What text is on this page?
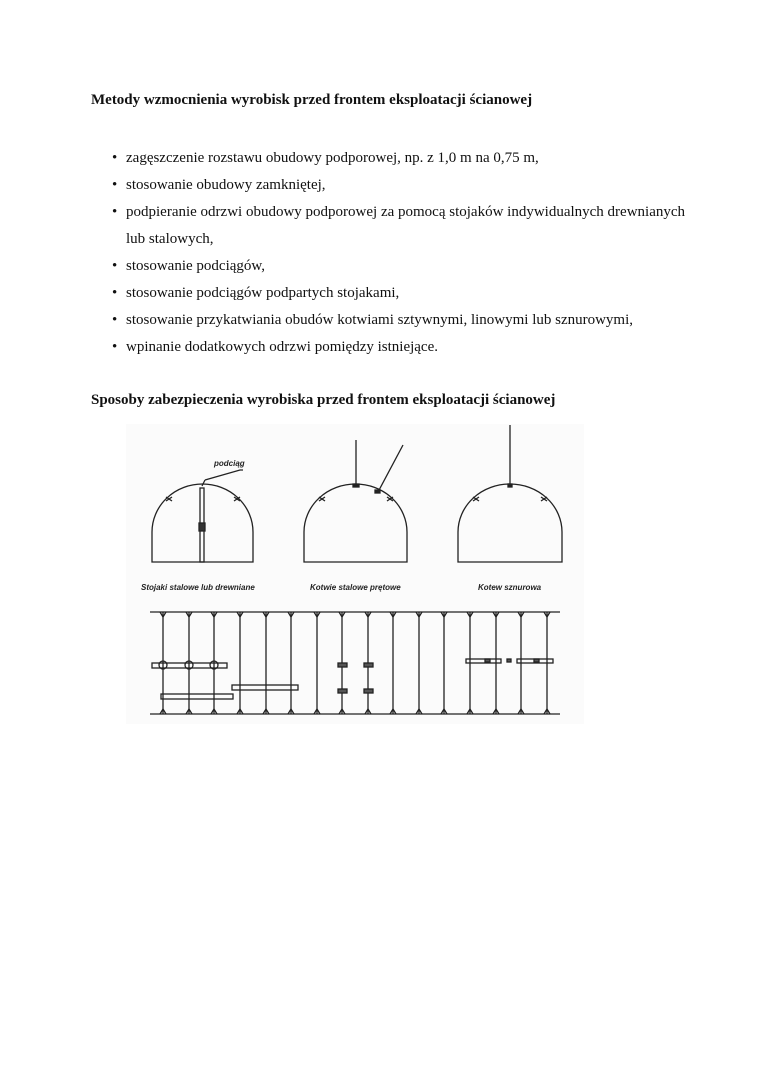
Metody wzmocnienia wyrobisk przed frontem eksploatacji ścianowej
• zagęszczenie rozstawu obudowy podporowej, np. z 1,0 m na 0,75 m,
• stosowanie obudowy zamkniętej,
• podpieranie odrzwi obudowy podporowej za pomocą stojaków indywidualnych drewnianych lub stalowych,
• stosowanie podciągów,
• stosowanie podciągów podpartych stojakami,
• stosowanie przykatwiania obudów kotwiami sztywnymi, linowymi lub sznurowymi,
• wpinanie dodatkowych odrzwi pomiędzy istniejące.
Sposoby zabezpieczenia wyrobiska przed frontem eksploatacji ścianowej
podciąg
Stojaki stalowe lub drewniane	Kotwie stalowe prętowe	Kotew sznurowa
